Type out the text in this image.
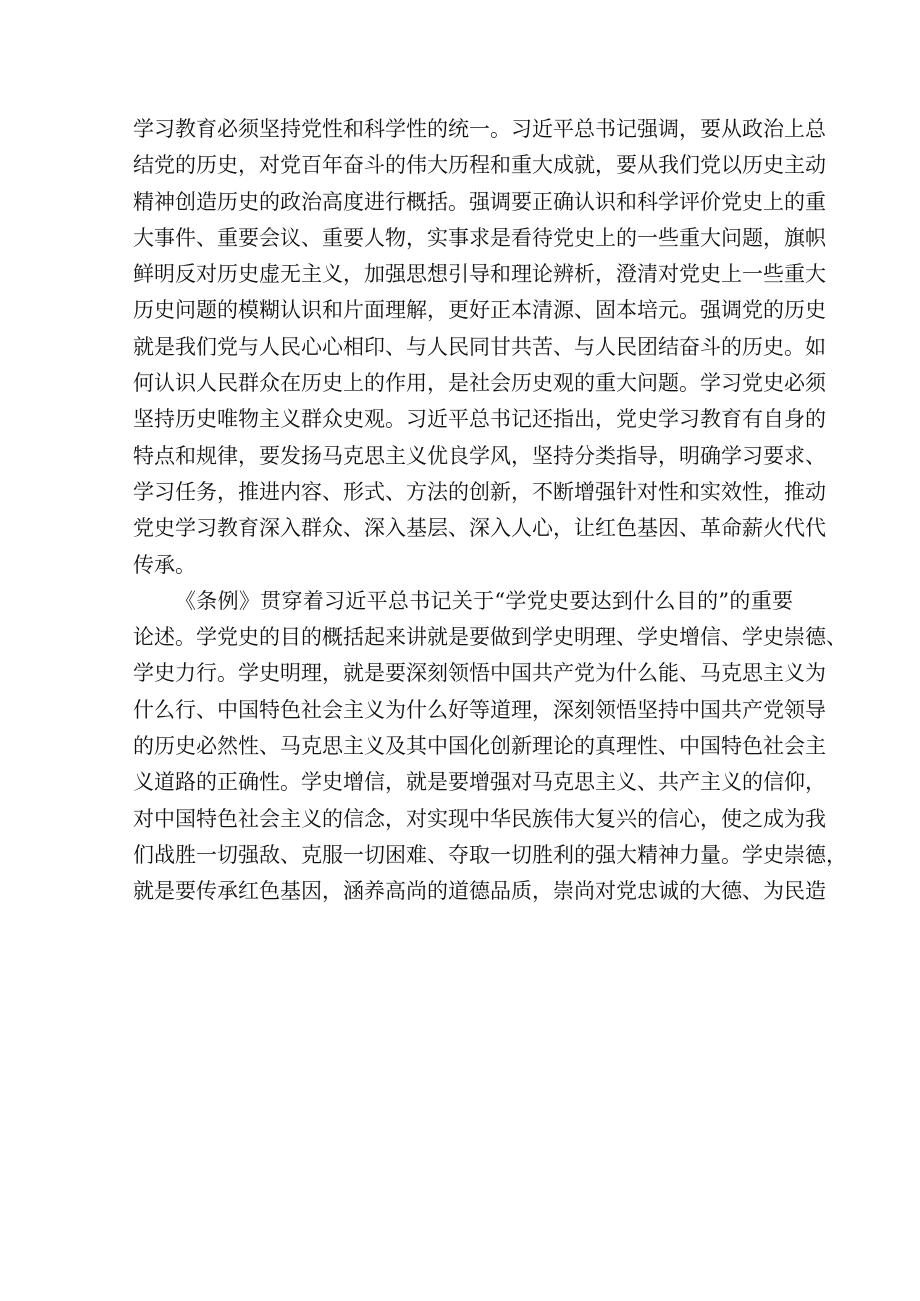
学习教育必须坚持党性和科学性的统一。习近平总书记强调，要从政治上总
结党的历史，对党百年奋斗的伟大历程和重大成就，要从我们党以历史主动
精神创造历史的政治高度进行概括。强调要正确认识和科学评价党史上的重
大事件、重要会议、重要人物，实事求是看待党史上的一些重大问题，旗帜
鲜明反对历史虚无主义，加强思想引导和理论辨析，澄清对党史上一些重大
历史问题的模糊认识和片面理解，更好正本清源、固本培元。强调党的历史
就是我们党与人民心心相印、与人民同甘共苦、与人民团结奋斗的历史。如
何认识人民群众在历史上的作用，是社会历史观的重大问题。学习党史必须
坚持历史唯物主义群众史观。习近平总书记还指出，党史学习教育有自身的
特点和规律，要发扬马克思主义优良学风，坚持分类指导，明确学习要求、
学习任务，推进内容、形式、方法的创新，不断增强针对性和实效性，推动
党史学习教育深入群众、深入基层、深入人心，让红色基因、革命薪火代代
传承。
《条例》贯穿着习近平总书记关于“学党史要达到什么目的”的重要
论述。学党史的目的概括起来讲就是要做到学史明理、学史增信、学史崇德、
学史力行。学史明理，就是要深刻领悟中国共产党为什么能、马克思主义为
什么行、中国特色社会主义为什么好等道理，深刻领悟坚持中国共产党领导
的历史必然性、马克思主义及其中国化创新理论的真理性、中国特色社会主
义道路的正确性。学史增信，就是要增强对马克思主义、共产主义的信仰，
对中国特色社会主义的信念，对实现中华民族伟大复兴的信心，使之成为我
们战胜一切强敌、克服一切困难、夺取一切胜利的强大精神力量。学史崇德，
就是要传承红色基因，涵养高尚的道德品质，崇尚对党忠诚的大德、为民造
